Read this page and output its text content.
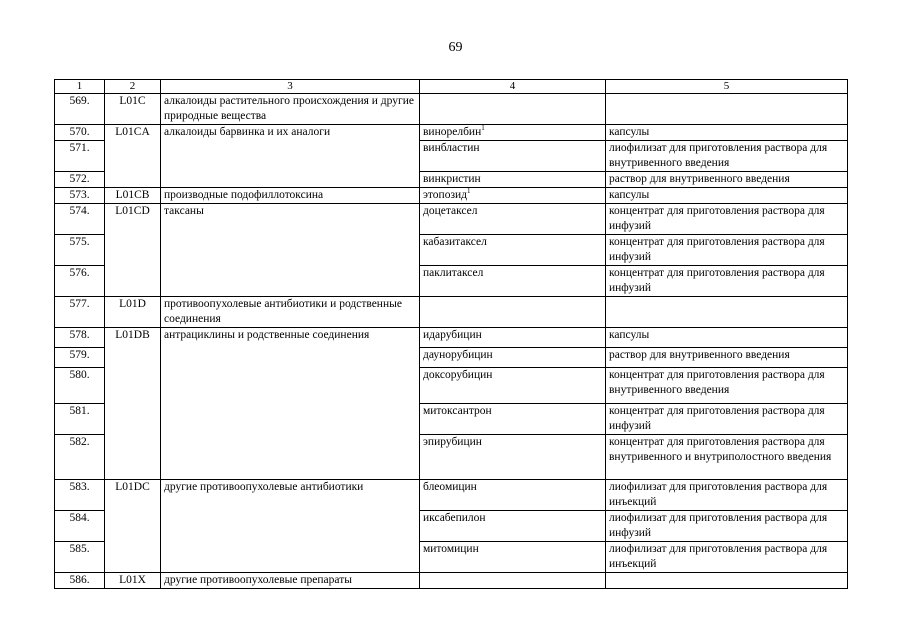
69
1	2	3	4	5
569.	L01C	алкалоиды растительного происхождения и другие природные вещества		
570.	L01CA	алкалоиды барвинка и их аналоги	винорелбин$^1$	капсулы
571.			винбластин	лиофилизат для приготовления раствора для внутривенного введения
572.			винкристин	раствор для внутривенного введения
573.	L01CB	производные подофиллотоксина	этопозид$^1$	капсулы
574.	L01CD	таксаны	доцетаксел	концентрат для приготовления раствора для инфузий
575.			кабазитаксел	концентрат для приготовления раствора для инфузий
576.			паклитаксел	концентрат для приготовления раствора для инфузий
577.	L01D	противоопухолевые антибиотики и родственные соединения		
578.	L01DB	антрациклины и родственные соединения	идарубицин	капсулы
579.			даунорубицин	раствор для внутривенного введения
580.			доксорубицин	концентрат для приготовления раствора для внутривенного введения
581.			митоксантрон	концентрат для приготовления раствора для инфузий
582.			эпирубицин	концентрат для приготовления раствора для внутривенного и внутриполостного введения
583.	L01DC	другие противоопухолевые антибиотики	блеомицин	лиофилизат для приготовления раствора для инъекций
584.			иксабепилон	лиофилизат для приготовления раствора для инфузий
585.			митомицин	лиофилизат для приготовления раствора для инъекций
586.	L01X	другие противоопухолевые препараты		
